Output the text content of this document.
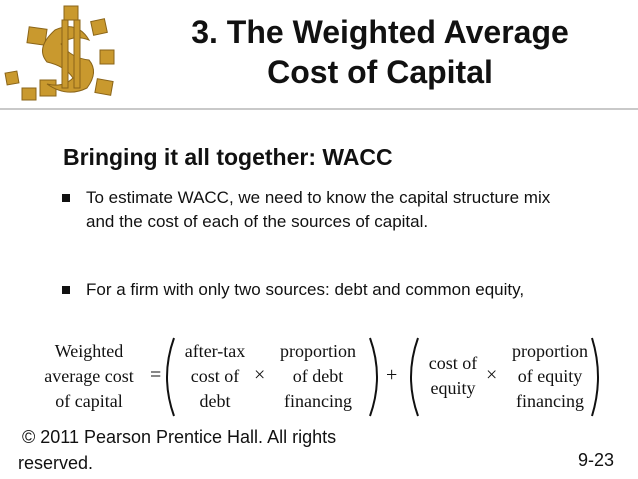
3. The Weighted Average
Cost of Capital
Bringing it all together: WACC
To estimate WACC, we need to know the capital structure mix and the cost of each of the sources of capital.
For a firm with only two sources: debt and common equity,
Weighted
average cost
of capital
=
after-tax
cost of
debt
×
proportion
of debt
financing
+
cost of
equity
×
proportion
of equity
financing
© 2011 Pearson Prentice Hall. All rights
reserved.	9-23
